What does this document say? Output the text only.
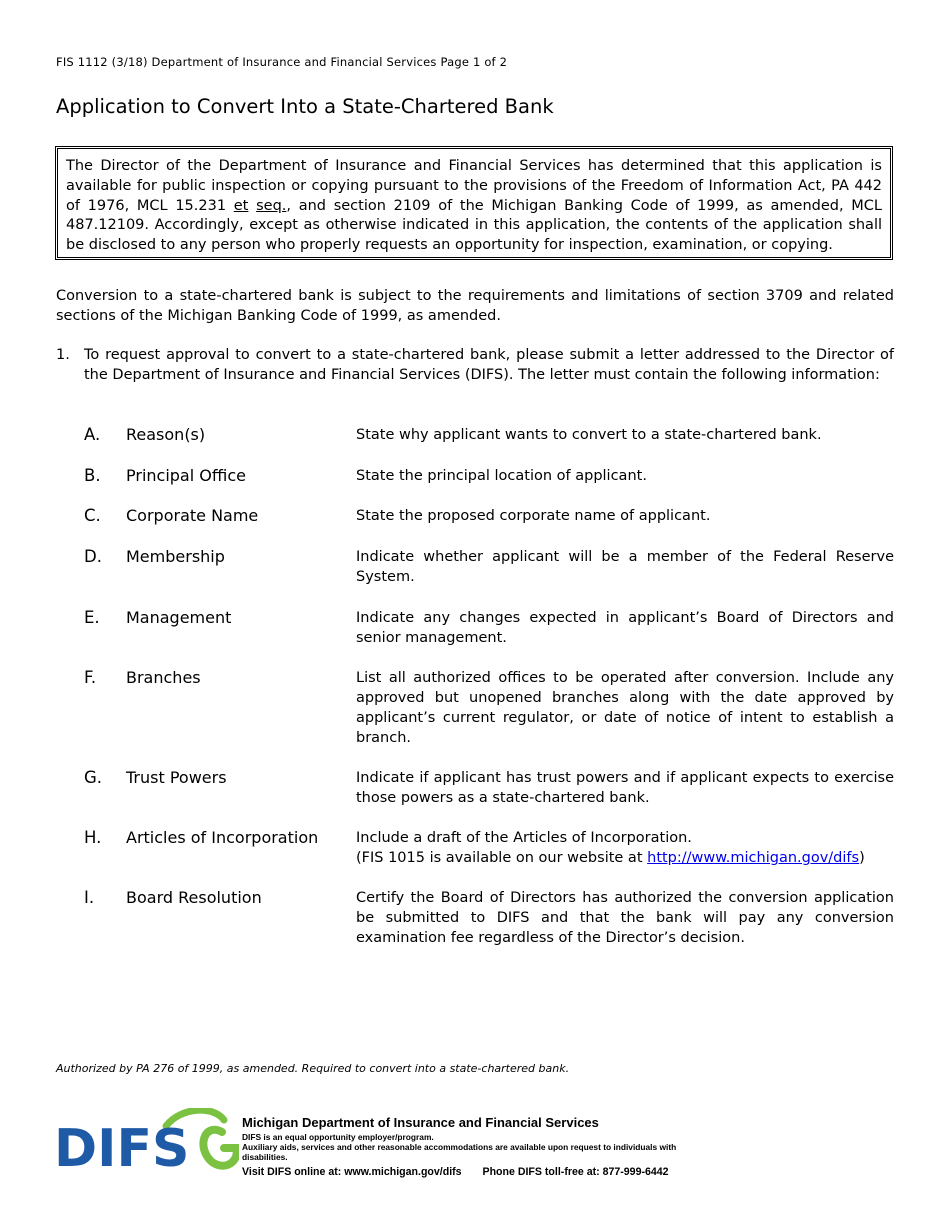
FIS 1112 (3/18) Department of Insurance and Financial Services Page 1 of 2
Application to Convert Into a State-Chartered Bank

The Director of the Department of Insurance and Financial Services has determined that this application is available for public inspection or copying pursuant to the provisions of the Freedom of Information Act, PA 442 of 1976, MCL 15.231 et seq., and section 2109 of the Michigan Banking Code of 1999, as amended, MCL 487.12109. Accordingly, except as otherwise indicated in this application, the contents of the application shall be disclosed to any person who properly requests an opportunity for inspection, examination, or copying.

Conversion to a state-chartered bank is subject to the requirements and limitations of section 3709 and related sections of the Michigan Banking Code of 1999, as amended.

1. To request approval to convert to a state-chartered bank, please submit a letter addressed to the Director of the Department of Insurance and Financial Services (DIFS). The letter must contain the following information:

A. Reason(s)	State why applicant wants to convert to a state-chartered bank.

B. Principal Office	State the principal location of applicant.

C. Corporate Name	State the proposed corporate name of applicant.

D. Membership	Indicate whether applicant will be a member of the Federal Reserve System.

E. Management	Indicate any changes expected in applicant’s Board of Directors and senior management.

F. Branches	List all authorized offices to be operated after conversion. Include any approved but unopened branches along with the date approved by applicant’s current regulator, or date of notice of intent to establish a branch.

G. Trust Powers	Indicate if applicant has trust powers and if applicant expects to exercise those powers as a state-chartered bank.

H. Articles of Incorporation	Include a draft of the Articles of Incorporation.
(FIS 1015 is available on our website at http://www.michigan.gov/difs)

I. Board Resolution	Certify the Board of Directors has authorized the conversion application be submitted to DIFS and that the bank will pay any conversion examination fee regardless of the Director’s decision.

Authorized by PA 276 of 1999, as amended. Required to convert into a state-chartered bank.
DIFS	Michigan Department of Insurance and Financial Services
DIFS is an equal opportunity employer/program.
Auxiliary aids, services and other reasonable accommodations are available upon request to individuals with disabilities.
Visit DIFS online at: www.michigan.gov/difs Phone DIFS toll-free at: 877-999-6442
